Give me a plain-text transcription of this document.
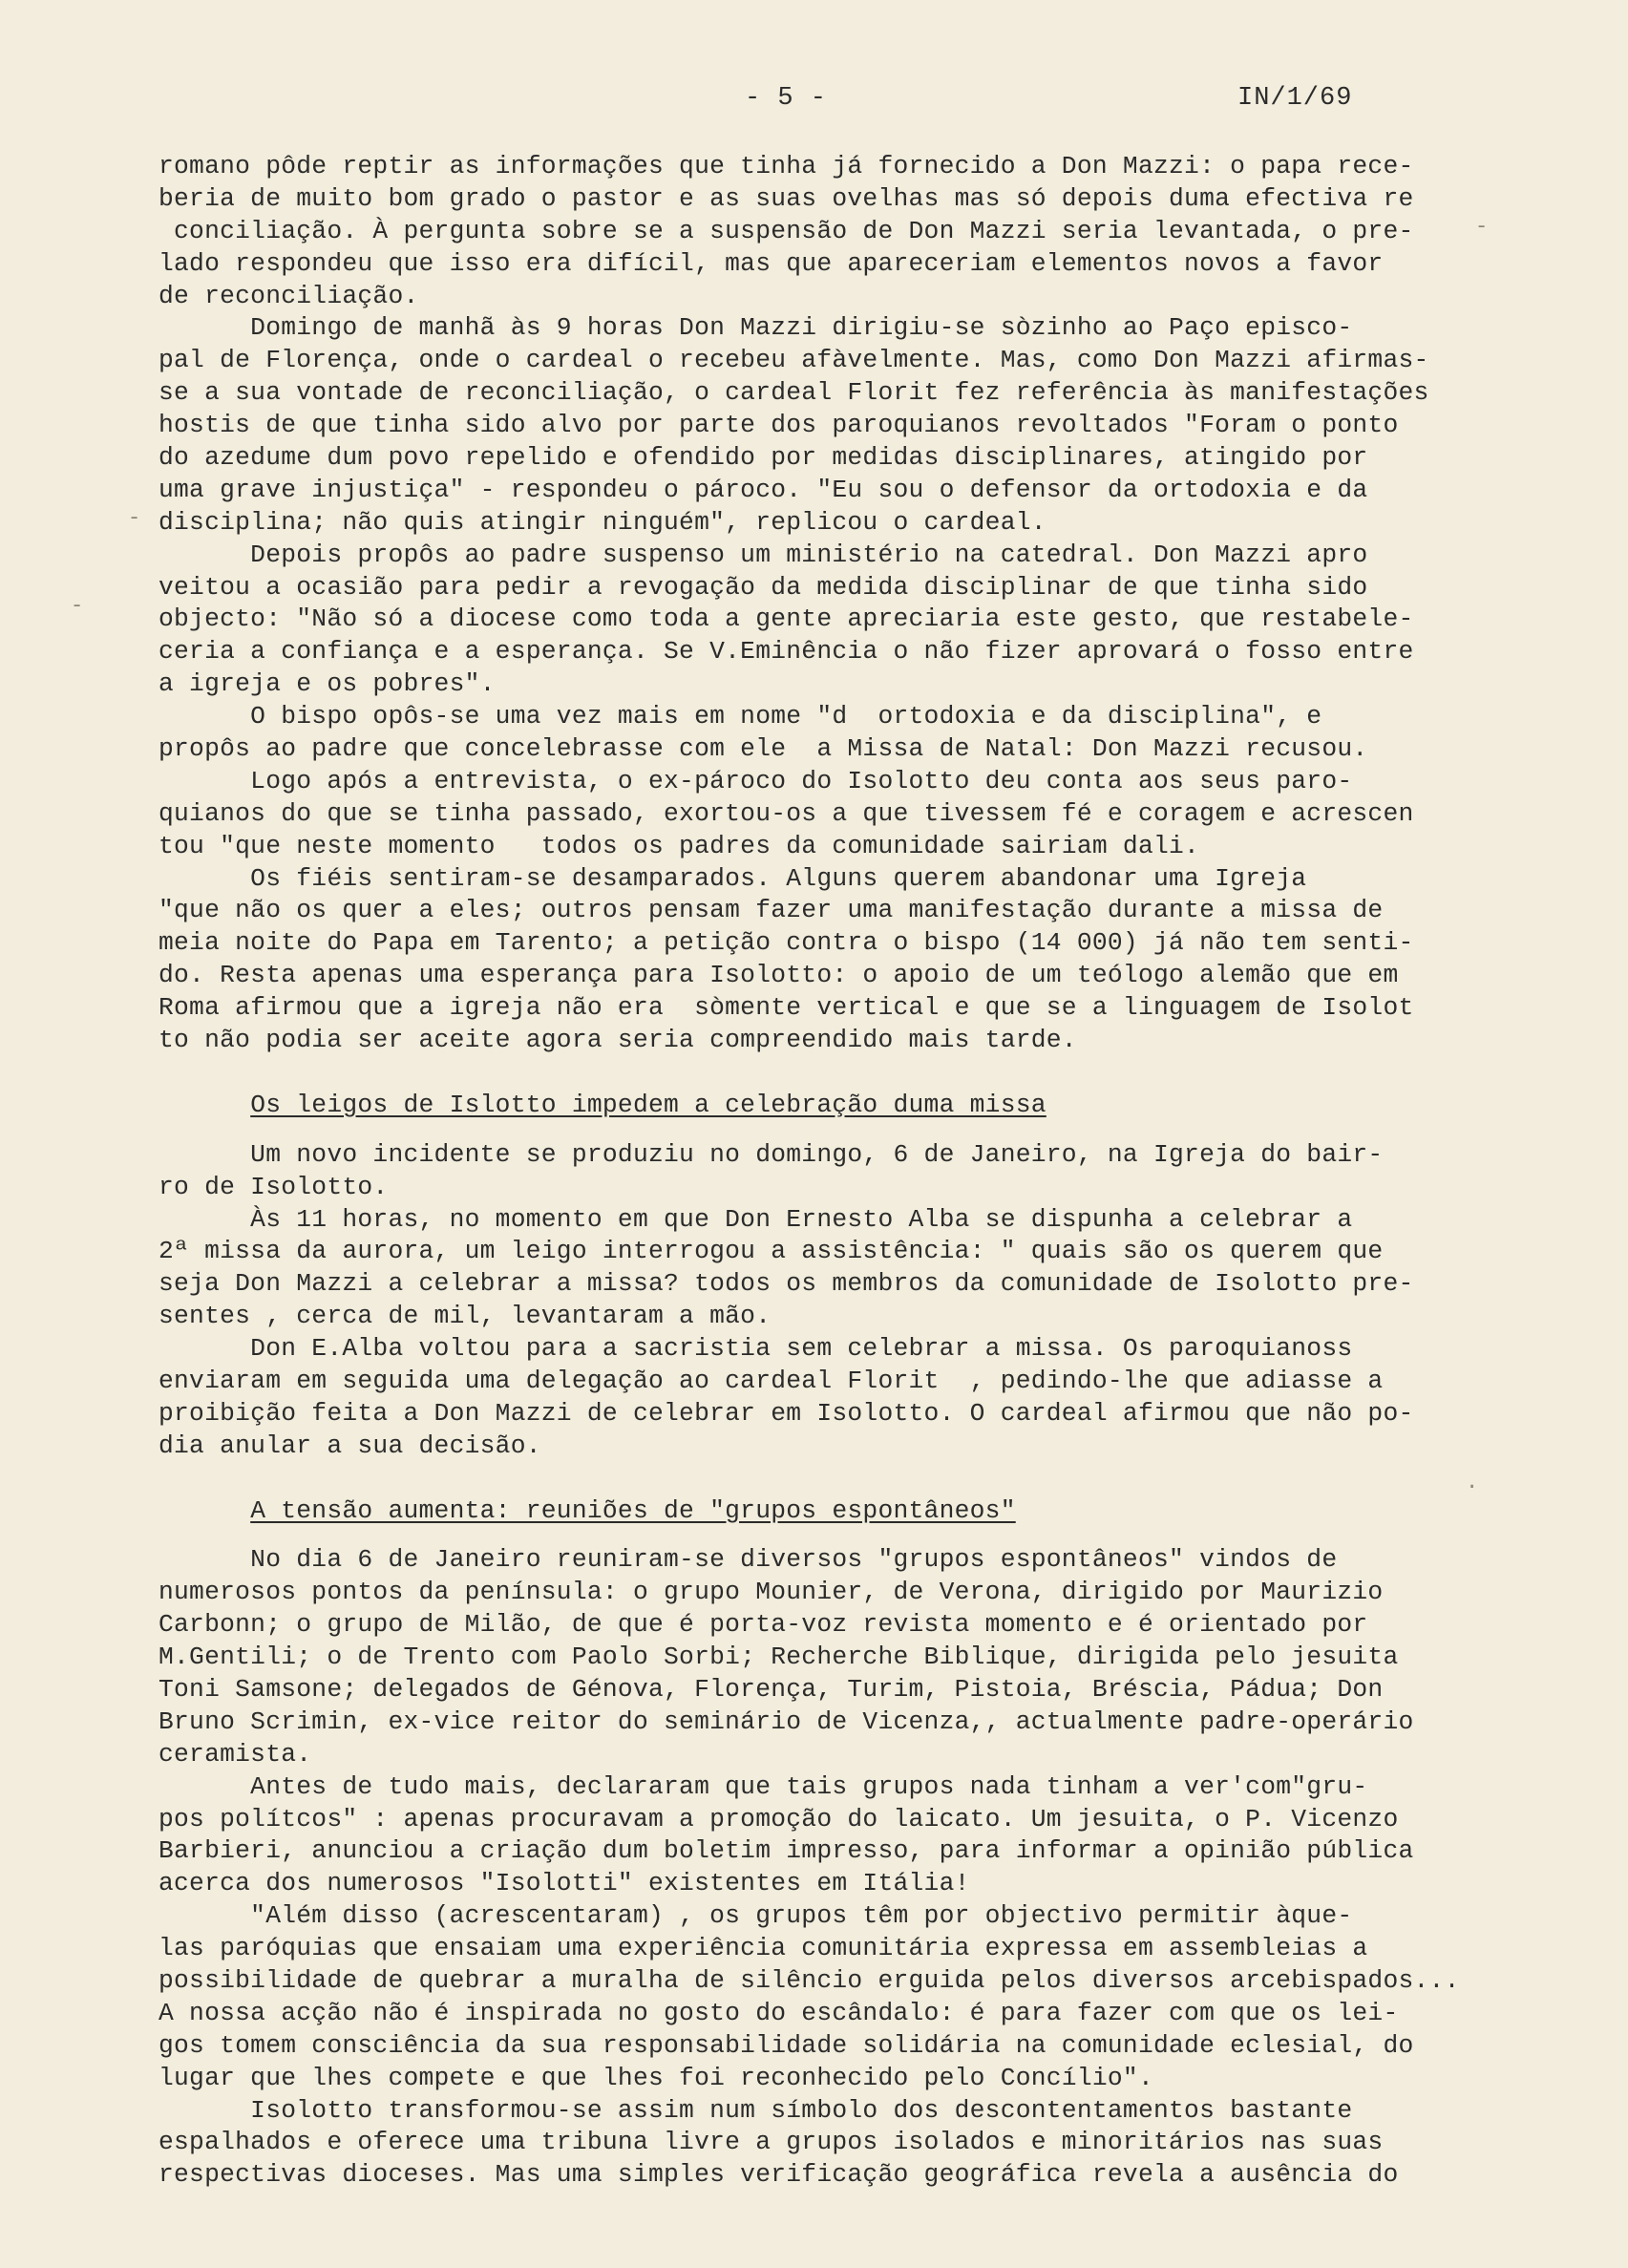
- 5 -	IN/1/69
-
-
-
.
romano pôde reptir as informações que tinha já fornecido a Don Mazzi: o papa rece-
beria de muito bom grado o pastor e as suas ovelhas mas só depois duma efectiva re
conciliação. À pergunta sobre se a suspensão de Don Mazzi seria levantada, o pre-
lado respondeu que isso era difícil, mas que apareceriam elementos novos a favor
de reconciliação.
Domingo de manhã às 9 horas Don Mazzi dirigiu-se sòzinho ao Paço episco-
pal de Florença, onde o cardeal o recebeu afàvelmente. Mas, como Don Mazzi afirmas-
se a sua vontade de reconciliação, o cardeal Florit fez referência às manifestações
hostis de que tinha sido alvo por parte dos paroquianos revoltados "Foram o ponto
do azedume dum povo repelido e ofendido por medidas disciplinares, atingido por
uma grave injustiça" - respondeu o pároco. "Eu sou o defensor da ortodoxia e da
disciplina; não quis atingir ninguém", replicou o cardeal.
Depois propôs ao padre suspenso um ministério na catedral. Don Mazzi apro
veitou a ocasião para pedir a revogação da medida disciplinar de que tinha sido
objecto: "Não só a diocese como toda a gente apreciaria este gesto, que restabele-
ceria a confiança e a esperança. Se V.Eminência o não fizer aprovará o fosso entre
a igreja e os pobres".
O bispo opôs-se uma vez mais em nome "d  ortodoxia e da disciplina", e
propôs ao padre que concelebrasse com ele  a Missa de Natal: Don Mazzi recusou.
Logo após a entrevista, o ex-pároco do Isolotto deu conta aos seus paro-
quianos do que se tinha passado, exortou-os a que tivessem fé e coragem e acrescen
tou "que neste momento   todos os padres da comunidade sairiam dali.
Os fiéis sentiram-se desamparados. Alguns querem abandonar uma Igreja
"que não os quer a eles; outros pensam fazer uma manifestação durante a missa de
meia noite do Papa em Tarento; a petição contra o bispo (14 000) já não tem senti-
do. Resta apenas uma esperança para Isolotto: o apoio de um teólogo alemão que em
Roma afirmou que a igreja não era  sòmente vertical e que se a linguagem de Isolot
to não podia ser aceite agora seria compreendido mais tarde.
Os leigos de Islotto impedem a celebração duma missa
Um novo incidente se produziu no domingo, 6 de Janeiro, na Igreja do bair-
ro de Isolotto.
Às 11 horas, no momento em que Don Ernesto Alba se dispunha a celebrar a
2ª missa da aurora, um leigo interrogou a assistência: " quais são os querem que
seja Don Mazzi a celebrar a missa? todos os membros da comunidade de Isolotto pre-
sentes , cerca de mil, levantaram a mão.
Don E.Alba voltou para a sacristia sem celebrar a missa. Os paroquianoss
enviaram em seguida uma delegação ao cardeal Florit  , pedindo-lhe que adiasse a
proibição feita a Don Mazzi de celebrar em Isolotto. O cardeal afirmou que não po-
dia anular a sua decisão.
A tensão aumenta: reuniões de "grupos espontâneos"
No dia 6 de Janeiro reuniram-se diversos "grupos espontâneos" vindos de
numerosos pontos da península: o grupo Mounier, de Verona, dirigido por Maurizio
Carbonn; o grupo de Milão, de que é porta-voz revista momento e é orientado por
M.Gentili; o de Trento com Paolo Sorbi; Recherche Biblique, dirigida pelo jesuita
Toni Samsone; delegados de Génova, Florença, Turim, Pistoia, Bréscia, Pádua; Don
Bruno Scrimin, ex-vice reitor do seminário de Vicenza,, actualmente padre-operário
ceramista.
Antes de tudo mais, declararam que tais grupos nada tinham a ver'com"gru-
pos polítcos" : apenas procuravam a promoção do laicato. Um jesuita, o P. Vicenzo
Barbieri, anunciou a criação dum boletim impresso, para informar a opinião pública
acerca dos numerosos "Isolotti" existentes em Itália!
"Além disso (acrescentaram) , os grupos têm por objectivo permitir àque-
las paróquias que ensaiam uma experiência comunitária expressa em assembleias a
possibilidade de quebrar a muralha de silêncio erguida pelos diversos arcebispados...
A nossa acção não é inspirada no gosto do escândalo: é para fazer com que os lei-
gos tomem consciência da sua responsabilidade solidária na comunidade eclesial, do
lugar que lhes compete e que lhes foi reconhecido pelo Concílio".
Isolotto transformou-se assim num símbolo dos descontentamentos bastante
espalhados e oferece uma tribuna livre a grupos isolados e minoritários nas suas
respectivas dioceses. Mas uma simples verificação geográfica revela a ausência do
